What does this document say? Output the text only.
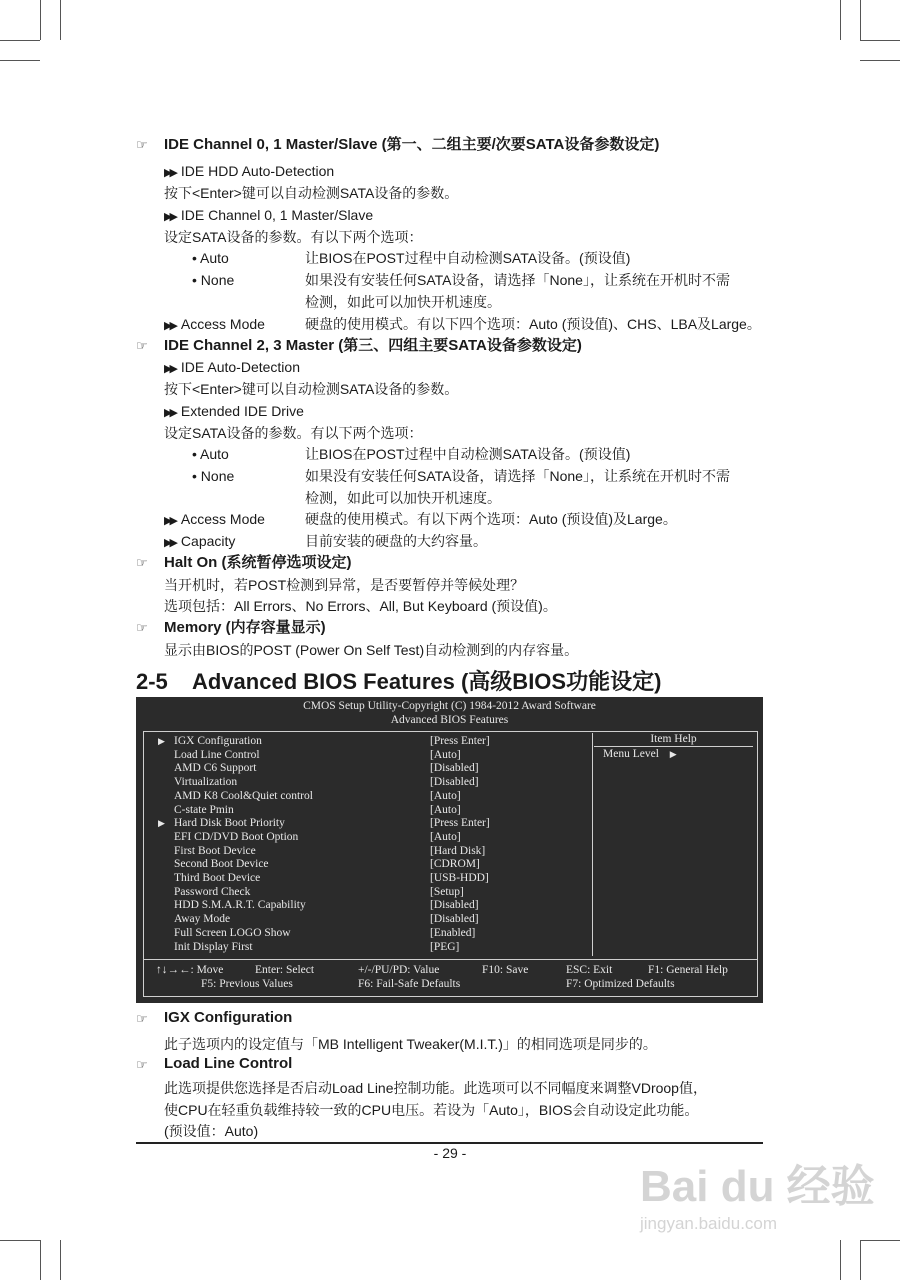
☞ IDE Channel 0, 1 Master/Slave (第一、二组主要/次要SATA设备参数设定)
▶▶ IDE HDD Auto-Detection
按下<Enter>键可以自动检测SATA设备的参数。
▶▶ IDE Channel 0, 1 Master/Slave
设定SATA设备的参数。有以下两个选项：
• Auto	让BIOS在POST过程中自动检测SATA设备。(预设值)
• None	如果没有安装任何SATA设备，请选择「None」，让系统在开机时不需
检测，如此可以加快开机速度。
▶▶ Access Mode	硬盘的使用模式。有以下四个选项：Auto (预设值)、CHS、LBA及Large。
☞ IDE Channel 2, 3 Master (第三、四组主要SATA设备参数设定)
▶▶ IDE Auto-Detection
按下<Enter>键可以自动检测SATA设备的参数。
▶▶ Extended IDE Drive
设定SATA设备的参数。有以下两个选项：
• Auto	让BIOS在POST过程中自动检测SATA设备。(预设值)
• None	如果没有安装任何SATA设备，请选择「None」，让系统在开机时不需
检测，如此可以加快开机速度。
▶▶ Access Mode	硬盘的使用模式。有以下两个选项：Auto (预设值)及Large。
▶▶ Capacity	目前安装的硬盘的大约容量。
☞ Halt On (系统暂停选项设定)
当开机时，若POST检测到异常，是否要暂停并等候处理？
选项包括：All Errors、No Errors、All, But Keyboard (预设值)。
☞ Memory (内存容量显示)
显示由BIOS的POST (Power On Self Test)自动检测到的内存容量。
2-5 Advanced BIOS Features (高级BIOS功能设定)
CMOS Setup Utility-Copyright (C) 1984-2012 Award Software
Advanced BIOS Features
Item Help
Menu Level ▶
▶ IGX Configuration	[Press Enter]
Load Line Control	[Auto]
AMD C6 Support	[Disabled]
Virtualization	[Disabled]
AMD K8 Cool&Quiet control	[Auto]
C-state Pmin	[Auto]
▶ Hard Disk Boot Priority	[Press Enter]
EFI CD/DVD Boot Option	[Auto]
First Boot Device	[Hard Disk]
Second Boot Device	[CDROM]
Third Boot Device	[USB-HDD]
Password Check	[Setup]
HDD S.M.A.R.T. Capability	[Disabled]
Away Mode	[Disabled]
Full Screen LOGO Show	[Enabled]
Init Display First	[PEG]
↑↓→←: Move	Enter: Select	+/-/PU/PD: Value	F10: Save	ESC: Exit	F1: General Help
F5: Previous Values	F6: Fail-Safe Defaults	F7: Optimized Defaults
☞ IGX Configuration
此子选项内的设定值与「MB Intelligent Tweaker(M.I.T.)」的相同选项是同步的。
☞ Load Line Control
此选项提供您选择是否启动Load Line控制功能。此选项可以不同幅度来调整VDroop值，
使CPU在轻重负载维持较一致的CPU电压。若设为「Auto」，BIOS会自动设定此功能。
(预设值：Auto)
- 29 -
Bai du 经验
jingyan.baidu.com
